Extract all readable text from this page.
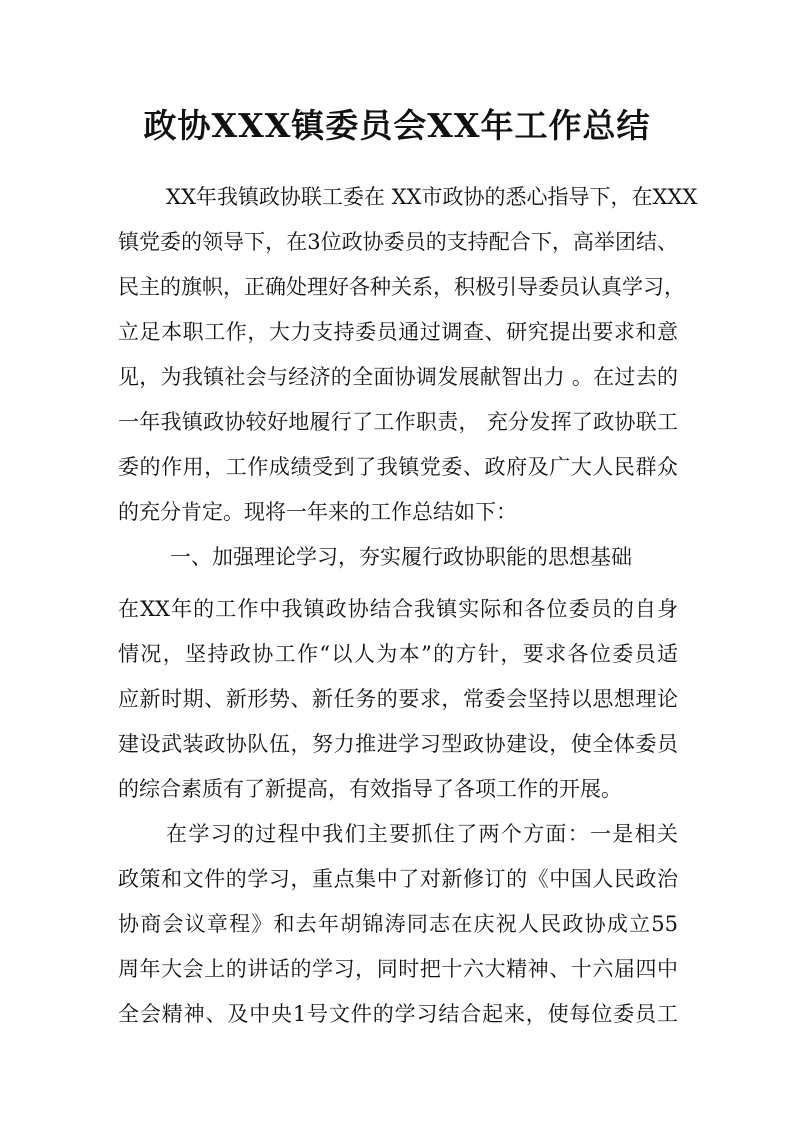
政协XXX镇委员会XX年工作总结
XX年我镇政协联工委在 XX市政协的悉心指导下，在XXX
镇党委的领导下，在3位政协委员的支持配合下，高举团结、
民主的旗帜，正确处理好各种关系，积极引导委员认真学习，
立足本职工作，大力支持委员通过调查、研究提出要求和意
见，为我镇社会与经济的全面协调发展献智出力 。在过去的
一年我镇政协较好地履行了工作职责， 充分发挥了政协联工
委的作用，工作成绩受到了我镇党委、政府及广大人民群众
的充分肯定。现将一年来的工作总结如下：
一、加强理论学习，夯实履行政协职能的思想基础
在XX年的工作中我镇政协结合我镇实际和各位委员的自身
情况，坚持政协工作“以人为本”的方针，要求各位委员适
应新时期、新形势、新任务的要求，常委会坚持以思想理论
建设武装政协队伍，努力推进学习型政协建设，使全体委员
的综合素质有了新提高，有效指导了各项工作的开展。
在学习的过程中我们主要抓住了两个方面：一是相关
政策和文件的学习，重点集中了对新修订的《中国人民政治
协商会议章程》和去年胡锦涛同志在庆祝人民政协成立55
周年大会上的讲话的学习，同时把十六大精神、十六届四中
全会精神、及中央1号文件的学习结合起来，使每位委员工
